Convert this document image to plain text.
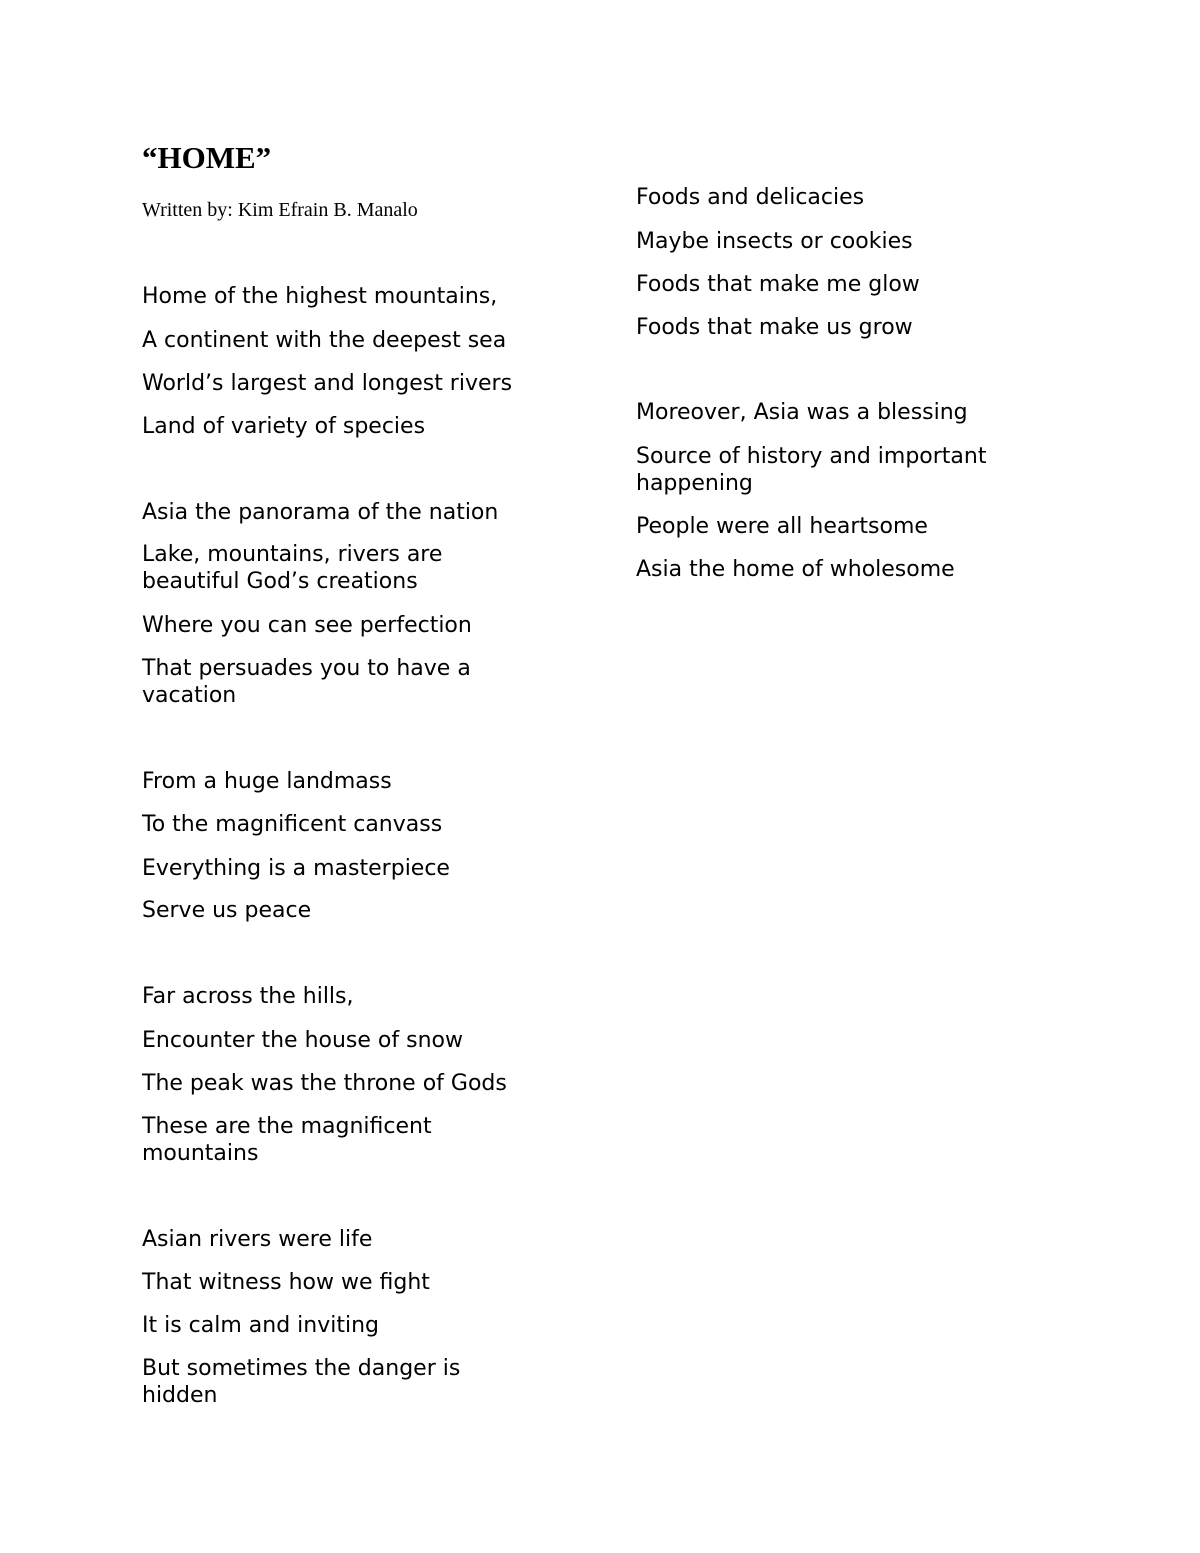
“HOME”
Written by: Kim Efrain B. Manalo
Home of the highest mountains,
A continent with the deepest sea
World’s largest and longest rivers
Land of variety of species
Asia the panorama of the nation
Lake, mountains, rivers are beautiful God’s creations
Where you can see perfection
That persuades you to have a vacation
From a huge landmass
To the magnificent canvass
Everything is a masterpiece
Serve us peace
Far across the hills,
Encounter the house of snow
The peak was the throne of Gods
These are the magnificent mountains
Asian rivers were life
That witness how we fight
It is calm and inviting
But sometimes the danger is hidden
Foods and delicacies
Maybe insects or cookies
Foods that make me glow
Foods that make us grow
Moreover, Asia was a blessing
Source of history and important happening
People were all heartsome
Asia the home of wholesome
